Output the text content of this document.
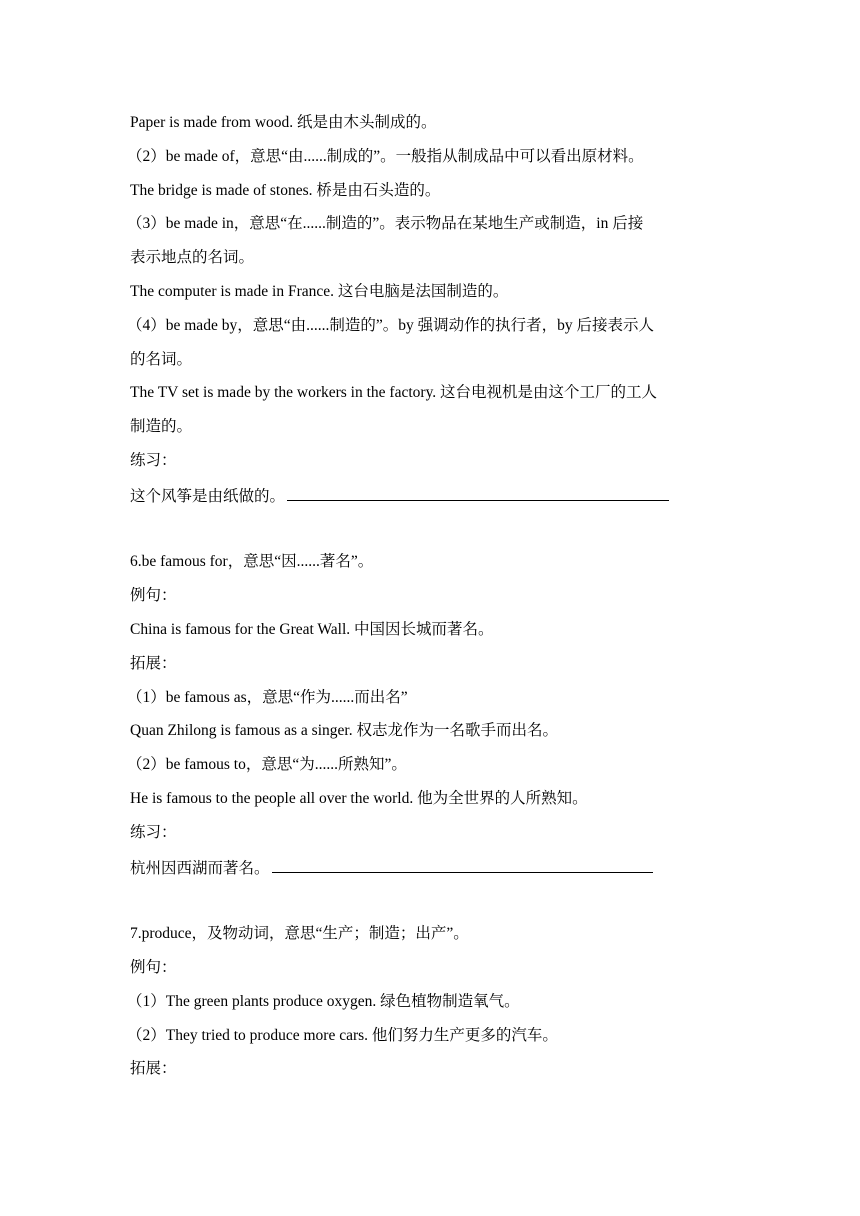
Paper is made from wood. 纸是由木头制成的。
（2）be made of，意思“由......制成的”。一般指从制成品中可以看出原材料。
The bridge is made of stones. 桥是由石头造的。
（3）be made in，意思“在......制造的”。表示物品在某地生产或制造，in 后接
表示地点的名词。
The computer is made in France. 这台电脑是法国制造的。
（4）be made by，意思“由......制造的”。by 强调动作的执行者，by 后接表示人
的名词。
The TV set is made by the workers in the factory. 这台电视机是由这个工厂的工人
制造的。
练习：
这个风筝是由纸做的。
6.be famous for，意思“因......著名”。
例句：
China is famous for the Great Wall. 中国因长城而著名。
拓展：
（1）be famous as，意思“作为......而出名”
Quan Zhilong is famous as a singer. 权志龙作为一名歌手而出名。
（2）be famous to，意思“为......所熟知”。
He is famous to the people all over the world. 他为全世界的人所熟知。
练习：
杭州因西湖而著名。
7.produce，及物动词，意思“生产；制造；出产”。
例句：
（1）The green plants produce oxygen. 绿色植物制造氧气。
（2）They tried to produce more cars. 他们努力生产更多的汽车。
拓展：
